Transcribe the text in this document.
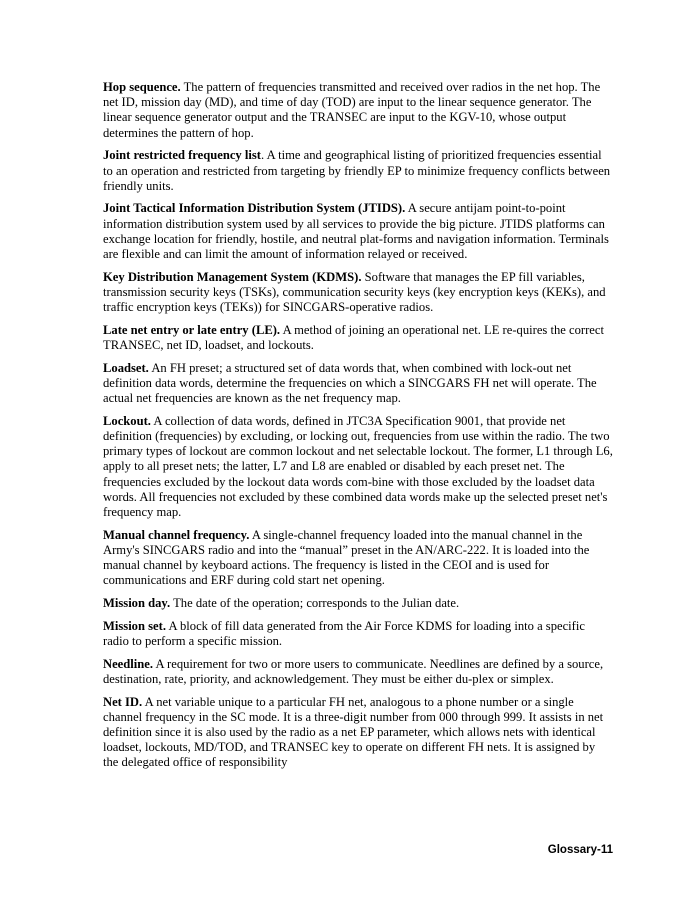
Hop sequence. The pattern of frequencies transmitted and received over radios in the net hop. The net ID, mission day (MD), and time of day (TOD) are input to the linear sequence generator. The linear sequence generator output and the TRANSEC are input to the KGV-10, whose output determines the pattern of hop.

Joint restricted frequency list. A time and geographical listing of prioritized frequencies essential to an operation and restricted from targeting by friendly EP to minimize frequency conflicts between friendly units.

Joint Tactical Information Distribution System (JTIDS). A secure antijam point-to-point information distribution system used by all services to provide the big picture. JTIDS platforms can exchange location for friendly, hostile, and neutral plat-forms and navigation information. Terminals are flexible and can limit the amount of information relayed or received.

Key Distribution Management System (KDMS). Software that manages the EP fill variables, transmission security keys (TSKs), communication security keys (key encryption keys (KEKs), and traffic encryption keys (TEKs)) for SINCGARS-operative radios.

Late net entry or late entry (LE). A method of joining an operational net. LE re-quires the correct TRANSEC, net ID, loadset, and lockouts.

Loadset. An FH preset; a structured set of data words that, when combined with lock-out net definition data words, determine the frequencies on which a SINCGARS FH net will operate. The actual net frequencies are known as the net frequency map.

Lockout. A collection of data words, defined in JTC3A Specification 9001, that provide net definition (frequencies) by excluding, or locking out, frequencies from use within the radio. The two primary types of lockout are common lockout and net selectable lockout. The former, L1 through L6, apply to all preset nets; the latter, L7 and L8 are enabled or disabled by each preset net. The frequencies excluded by the lockout data words com-bine with those excluded by the loadset data words. All frequencies not excluded by these combined data words make up the selected preset net's frequency map.

Manual channel frequency. A single-channel frequency loaded into the manual channel in the Army's SINCGARS radio and into the “manual” preset in the AN/ARC-222. It is loaded into the manual channel by keyboard actions. The frequency is listed in the CEOI and is used for communications and ERF during cold start net opening.

Mission day. The date of the operation; corresponds to the Julian date.

Mission set. A block of fill data generated from the Air Force KDMS for loading into a specific radio to perform a specific mission.

Needline. A requirement for two or more users to communicate. Needlines are defined by a source, destination, rate, priority, and acknowledgement. They must be either du-plex or simplex.

Net ID. A net variable unique to a particular FH net, analogous to a phone number or a single channel frequency in the SC mode. It is a three-digit number from 000 through 999. It assists in net definition since it is also used by the radio as a net EP parameter, which allows nets with identical loadset, lockouts, MD/TOD, and TRANSEC key to operate on different FH nets. It is assigned by the delegated office of responsibility

Glossary-11
